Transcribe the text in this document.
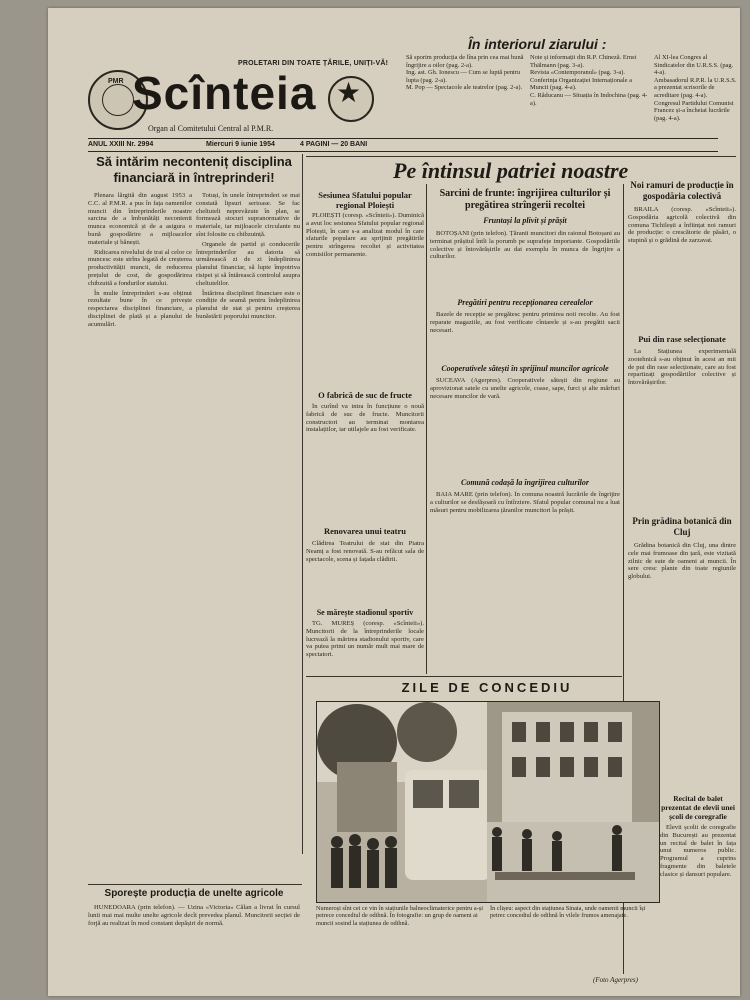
PMR Scînteia
PROLETARI DIN TOATE ȚĂRILE, UNIȚI-VĂ!
Organ al Comitetului Central al P.M.R.
★
În interiorul ziarului :
Să sporim producția de lîna prin cea mai bună îngrijire a oilor (pag. 2-a).
Ing. ast. Gh. Ionescu — Cum se luptă pentru lupta (pag. 2-a).
M. Pop — Spectacole ale teatrelor (pag. 2-a).
Note și informații din R.P. Chineză. Ernst Thälmann (pag. 3-a).
Revista «Contemporanul» (pag. 3-a).
Conferința Organizației Internaționale a Muncii (pag. 4-a).
C. Răducanu — Situația în Indochina (pag. 4-a).
Al XI-lea Congres al Sindicatelor din U.R.S.S. (pag. 4-a).
Ambasadorul R.P.R. la U.R.S.S. a prezentat scrisorile de acreditare (pag. 4-a).
Congresul Partidului Comunist Francez și-a încheiat lucrările (pag. 4-a).
ANUL XXIII Nr. 2994	Miercuri 9 iunie 1954	4 PAGINI — 20 BANI
Să intărim neconteniț disciplina financiară in întreprinderi!

Plenara lărgită din august 1953 a C.C. al P.M.R. a pus în fața oamenilor muncii din întreprinderile noastre sarcina de a îmbunătăți necontenit munca economică și de a asigura o bună gospodărire a mijloacelor materiale și bănești.

Ridicarea nivelului de trai al celor ce muncesc este strîns legată de creșterea productivității muncii, de reducerea prețului de cost, de gospodărirea chibzuită a fondurilor statului.

În multe întreprinderi s-au obținut rezultate bune în ce privește respectarea disciplinei financiare, a disciplinei de plată și a planului de acumulări.

Totuși, în unele întreprinderi se mai constată lipsuri serioase. Se fac cheltuieli neprevăzute în plan, se formează stocuri supranormative de materiale, iar mijloacele circulante nu sînt folosite cu chibzuință.

Organele de partid și conducerile întreprinderilor au datoria să urmărească zi de zi îndeplinirea planului financiar, să lupte împotriva risipei și să întărească controlul asupra cheltuielilor.

Întărirea disciplinei financiare este o condiție de seamă pentru îndeplinirea planului de stat și pentru creșterea bunăstării poporului muncitor.

Sporește producția de unelte agricole

HUNEDOARA (prin telefon). — Uzina «Victoria» Călan a livrat în cursul lunii mai mai multe unelte agricole decît prevedea planul. Muncitorii secției de forjă au realizat în mod constant depășiri de normă.

Pe întinsul patriei noastre
Sesiunea Sfatului popular regional Ploiești

PLOIEȘTI (coresp. «Scînteii»). Duminică a avut loc sesiunea Sfatului popular regional Ploiești, în care s-a analizat modul în care sfaturile populare au sprijinit pregătirile pentru strîngerea recoltei și activitatea comisiilor permanente.

O fabrică de suc de fructe

În curînd va intra în funcțiune o nouă fabrică de suc de fructe. Muncitorii constructori au terminat montarea instalațiilor, iar utilajele au fost verificate.

Renovarea unui teatru

Clădirea Teatrului de stat din Piatra Neamț a fost renovată. S-au refăcut sala de spectacole, scena și fațada clădirii.

Se mărește stadionul sportiv

TG. MUREȘ (coresp. «Scînteii»). Muncitorii de la întreprinderile locale lucrează la mărirea stadionului sportiv, care va putea primi un număr mult mai mare de spectatori.

Sarcini de frunte: îngrijirea culturilor și pregătirea strîngerii recoltei
Fruntași la plivit și prășit

BOTOȘANI (prin telefon). Țăranii muncitori din raionul Botoșani au terminat prășitul întîi la porumb pe suprafețe importante. Gospodăriile colective și întovărășirile au dat exemplu în munca de îngrijire a culturilor.

Pregătiri pentru recepționarea cerealelor

Bazele de recepție se pregătesc pentru primirea noii recolte. Au fost reparate magaziile, au fost verificate cîntarele și s-au pregătit sacii necesari.

Cooperativele sătești în sprijinul muncilor agricole

SUCEAVA (Agerpres). Cooperativele sătești din regiune au aprovizionat satele cu unelte agricole, coase, sape, furci și alte mărfuri necesare muncilor de vară.

Comună codașă la îngrijirea culturilor

BAIA MARE (prin telefon). În comuna noastră lucrările de îngrijire a culturilor se desfășoară cu întîrziere. Sfatul popular comunal nu a luat măsuri pentru mobilizarea țăranilor muncitori la prășit.

Noi ramuri de producție în gospodăria colectivă

BRAILA (coresp. «Scînteii»). Gospodăria agricolă colectivă din comuna Tichilești a înființat noi ramuri de producție: o crescătorie de păsări, o stupină și o grădină de zarzavat.

Pui din rase selecționate

La Stațiunea experimentală zootehnică s-au obținut în acest an mii de pui din rase selecționate, care au fost repartizați gospodăriilor colective și întovărășirilor.

Prin grădina botanică din Cluj

Grădina botanică din Cluj, una dintre cele mai frumoase din țară, este vizitată zilnic de sute de oameni ai muncii. În sere cresc plante din toate regiunile globului.

Recital de balet prezentat de elevii unei școli de coregrafie

Elevii școlii de coregrafie din București au prezentat un recital de balet în fața unui numeros public. Programul a cuprins fragmente din baletele clasice și dansuri populare.

ZILE DE CONCEDIU
Numeroși sînt cei ce vin în stațiunile balneoclimaterice pentru a-și petrece concediul de odihnă. În fotografie: un grup de oameni ai muncii sosind la stațiunea de odihnă.
În clișeu: aspect din stațiunea Sinaia, unde oamenii muncii își petrec concediul de odihnă în vilele frumos amenajate.
(Foto Agerpres)
